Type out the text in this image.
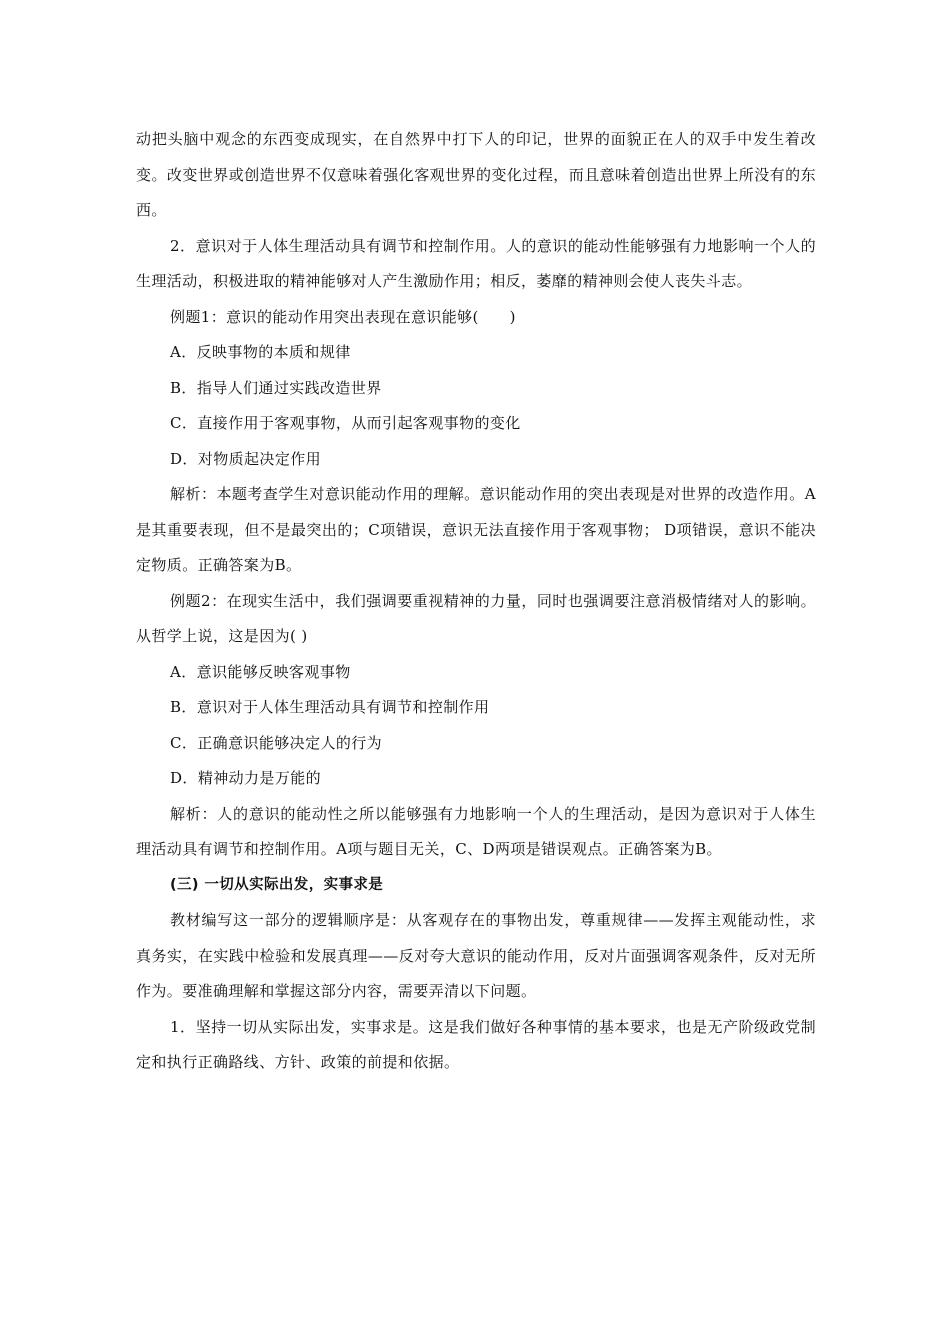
动把头脑中观念的东西变成现实，在自然界中打下人的印记，世界的面貌正在人的双手中发生着改变。改变世界或创造世界不仅意味着强化客观世界的变化过程，而且意味着创造出世界上所没有的东西。

2．意识对于人体生理活动具有调节和控制作用。人的意识的能动性能够强有力地影响一个人的生理活动，积极进取的精神能够对人产生激励作用；相反，萎靡的精神则会使人丧失斗志。

例题1：意识的能动作用突出表现在意识能够(　　)

A．反映事物的本质和规律

B．指导人们通过实践改造世界

C．直接作用于客观事物，从而引起客观事物的变化

D．对物质起决定作用

解析：本题考查学生对意识能动作用的理解。意识能动作用的突出表现是对世界的改造作用。A是其重要表现，但不是最突出的；C项错误，意识无法直接作用于客观事物； D项错误，意识不能决定物质。正确答案为B。

例题2：在现实生活中，我们强调要重视精神的力量，同时也强调要注意消极情绪对人的影响。从哲学上说，这是因为( )

A．意识能够反映客观事物

B．意识对于人体生理活动具有调节和控制作用

C．正确意识能够决定人的行为

D．精神动力是万能的

解析：人的意识的能动性之所以能够强有力地影响一个人的生理活动，是因为意识对于人体生理活动具有调节和控制作用。A项与题目无关，C、D两项是错误观点。正确答案为B。

(三) 一切从实际出发，实事求是

教材编写这一部分的逻辑顺序是：从客观存在的事物出发，尊重规律——发挥主观能动性，求真务实，在实践中检验和发展真理——反对夸大意识的能动作用，反对片面强调客观条件，反对无所作为。要准确理解和掌握这部分内容，需要弄清以下问题。

1．坚持一切从实际出发，实事求是。这是我们做好各种事情的基本要求，也是无产阶级政党制定和执行正确路线、方针、政策的前提和依据。
